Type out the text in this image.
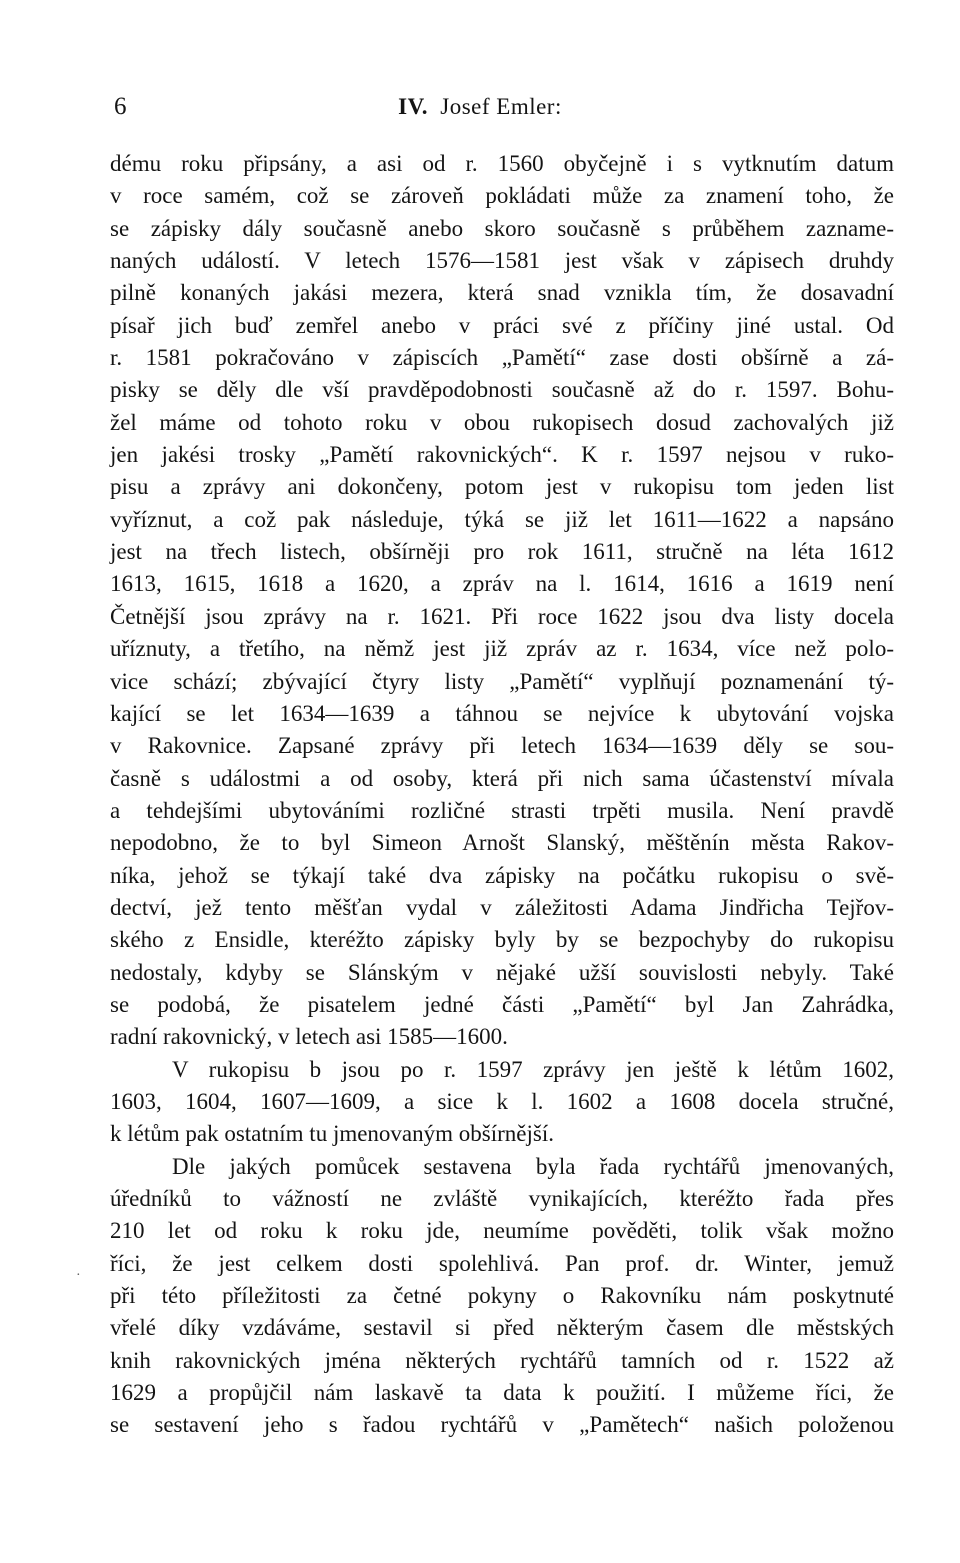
6	IV. Josef Emler:
dému roku připsány, a asi od r. 1560 obyčejně i s vytknutím datum
v roce samém, což se zároveň pokládati může za znamení toho, že
se zápisky dály současně anebo skoro současně s průběhem zazname-
naných událostí. V letech 1576—1581 jest však v zápisech druhdy
pilně konaných jakási mezera, která snad vznikla tím, že dosavadní
písař jich buď zemřel anebo v práci své z příčiny jiné ustal. Od
r. 1581 pokračováno v zápiscích „Pamětí“ zase dosti obšírně a zá-
pisky se děly dle vší pravděpodobnosti současně až do r. 1597. Bohu-
žel máme od tohoto roku v obou rukopisech dosud zachovalých již
jen jakési trosky „Pamětí rakovnických“. K r. 1597 nejsou v ruko-
pisu a zprávy ani dokončeny, potom jest v rukopisu tom jeden list
vyříznut, a což pak následuje, týká se již let 1611—1622 a napsáno
jest na třech listech, obšírněji pro rok 1611, stručně na léta 1612
1613, 1615, 1618 a 1620, a zpráv na l. 1614, 1616 a 1619 není
Četnější jsou zprávy na r. 1621. Při roce 1622 jsou dva listy docela
uříznuty, a třetího, na němž jest již zpráv az r. 1634, více než polo-
vice schází; zbývající čtyry listy „Pamětí“ vyplňují poznamenání tý-
kající se let 1634—1639 a táhnou se nejvíce k ubytování vojska
v Rakovnice. Zapsané zprávy při letech 1634—1639 děly se sou-
časně s událostmi a od osoby, která při nich sama účastenství mívala
a tehdejšími ubytováními rozličné strasti trpěti musila. Není pravdě
nepodobno, že to byl Simeon Arnošt Slanský, měštěnín města Rakov-
níka, jehož se týkají také dva zápisky na počátku rukopisu o svě-
dectví, jež tento měšťan vydal v záležitosti Adama Jindřicha Tejřov-
ského z Ensidle, kteréžto zápisky byly by se bezpochyby do rukopisu
nedostaly, kdyby se Slánským v nějaké užší souvislosti nebyly. Také
se podobá, že pisatelem jedné části „Pamětí“ byl Jan Zahrádka,
radní rakovnický, v letech asi 1585—1600.
V rukopisu b jsou po r. 1597 zprávy jen ještě k létům 1602,
1603, 1604, 1607—1609, a sice k l. 1602 a 1608 docela stručné,
k létům pak ostatním tu jmenovaným obšírnější.
Dle jakých pomůcek sestavena byla řada rychtářů jmenovaných,
úředníků to vážností ne zvláště vynikajících, kteréžto řada přes
210 let od roku k roku jde, neumíme pověděti, tolik však možno
říci, že jest celkem dosti spolehlivá. Pan prof. dr. Winter, jemuž
při této příležitosti za četné pokyny o Rakovníku nám poskytnuté
vřelé díky vzdáváme, sestavil si před některým časem dle městských
knih rakovnických jména některých rychtářů tamních od r. 1522 až
1629 a propůjčil nám laskavě ta data k použití. I můžeme říci, že
se sestavení jeho s řadou rychtářů v „Pamětech“ našich položenou
·
